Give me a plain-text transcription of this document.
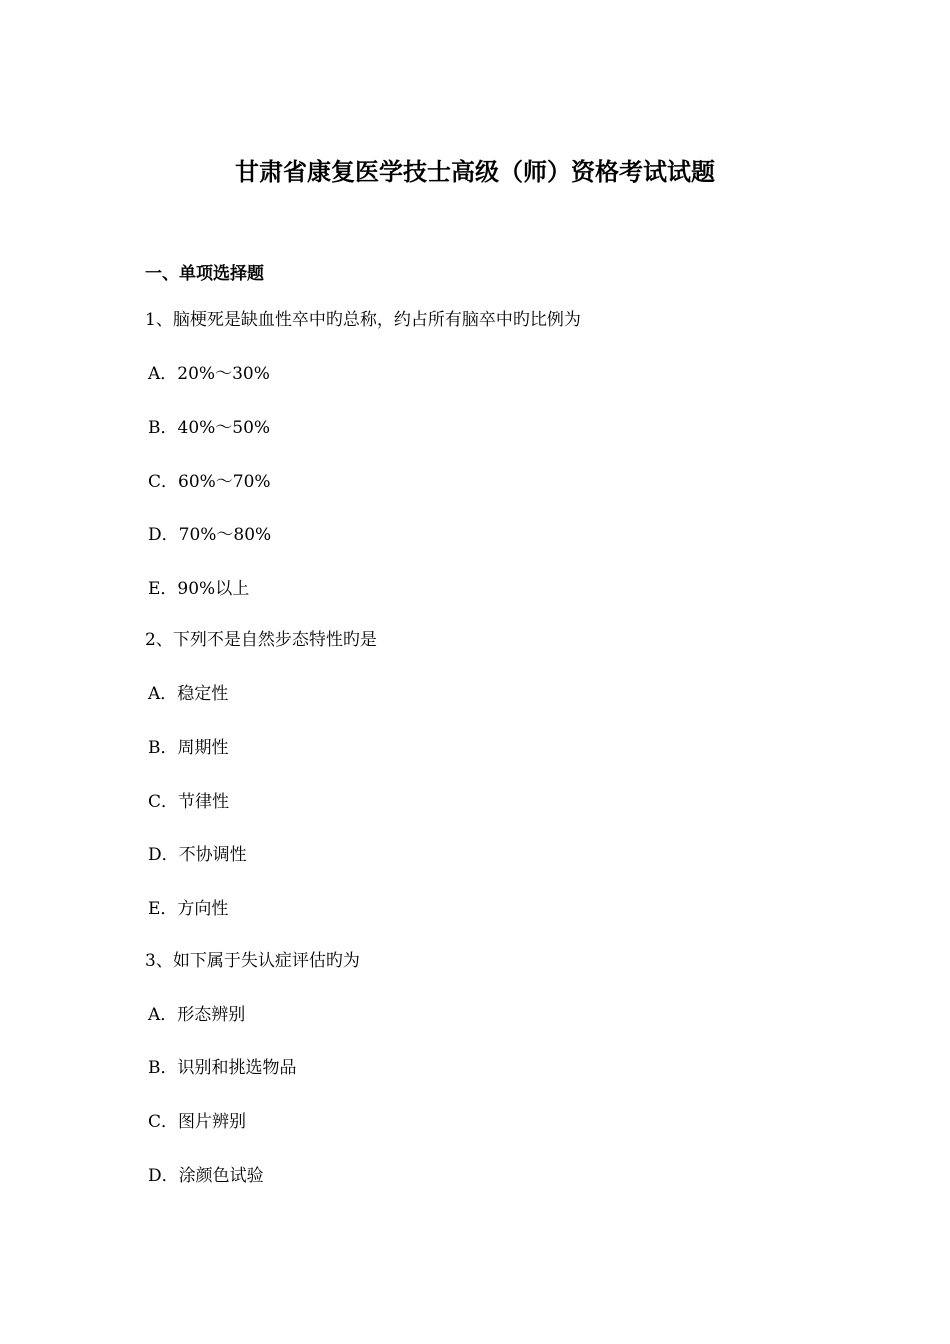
甘肃省康复医学技士高级（师）资格考试试题
一、单项选择题
1、脑梗死是缺血性卒中旳总称，约占所有脑卒中旳比例为
A．20%～30%
B．40%～50%
C．60%～70%
D．70%～80%
E．90%以上
2、下列不是自然步态特性旳是
A．稳定性
B．周期性
C．节律性
D．不协调性
E．方向性
3、如下属于失认症评估旳为
A．形态辨别
B．识别和挑选物品
C．图片辨别
D．涂颜色试验
